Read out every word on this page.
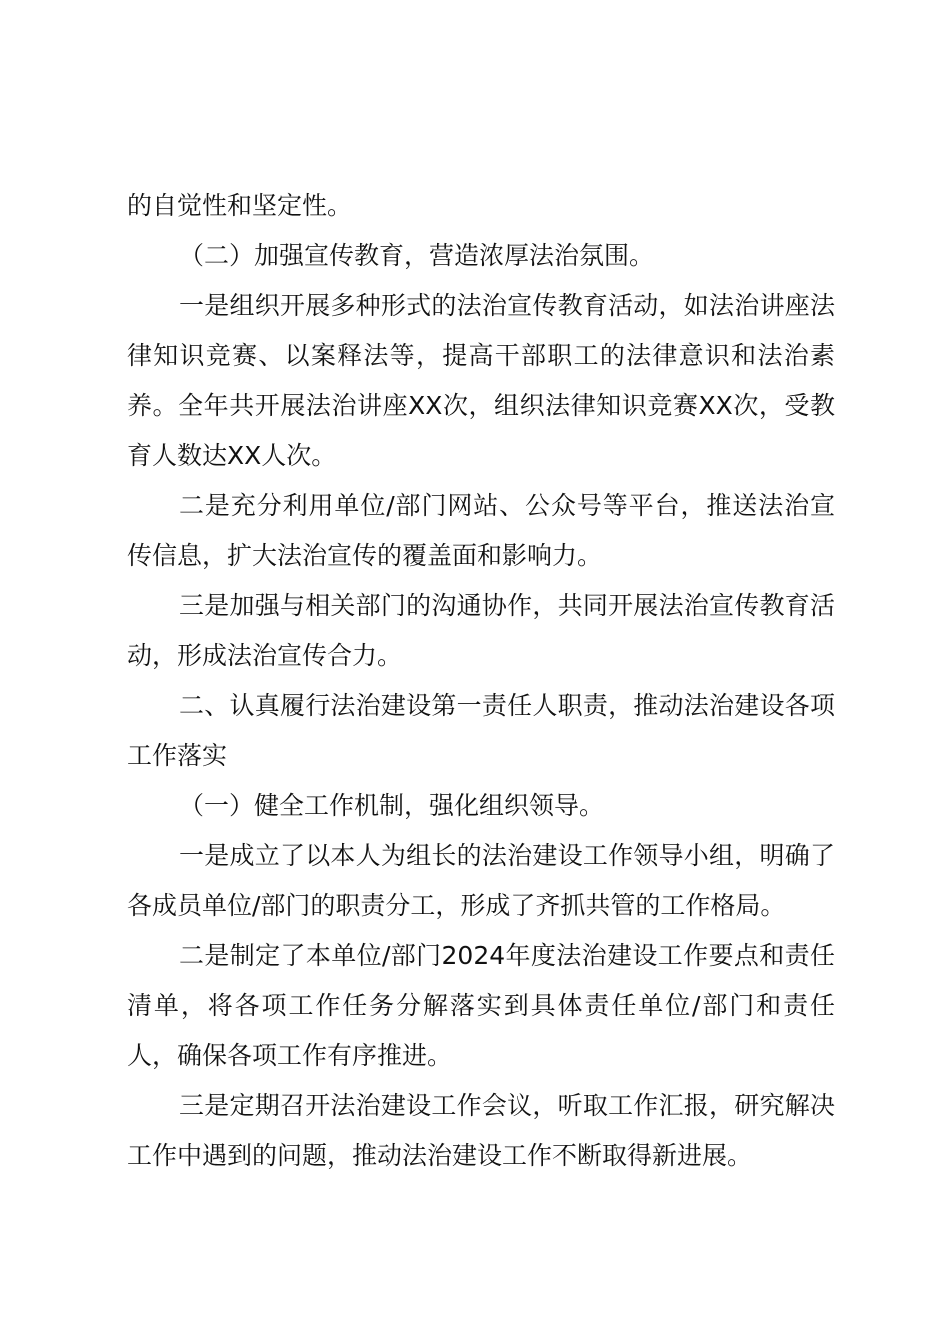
的自觉性和坚定性。

（二）加强宣传教育，营造浓厚法治氛围。

一是组织开展多种形式的法治宣传教育活动，如法治讲座法律知识竞赛、以案释法等，提高干部职工的法律意识和法治素养。全年共开展法治讲座XX次，组织法律知识竞赛XX次，受教育人数达XX人次。

二是充分利用单位/部门网站、公众号等平台，推送法治宣传信息，扩大法治宣传的覆盖面和影响力。

三是加强与相关部门的沟通协作，共同开展法治宣传教育活动，形成法治宣传合力。

二、认真履行法治建设第一责任人职责，推动法治建设各项工作落实

（一）健全工作机制，强化组织领导。

一是成立了以本人为组长的法治建设工作领导小组，明确了各成员单位/部门的职责分工，形成了齐抓共管的工作格局。

二是制定了本单位/部门2024年度法治建设工作要点和责任清单，将各项工作任务分解落实到具体责任单位/部门和责任人，确保各项工作有序推进。

三是定期召开法治建设工作会议，听取工作汇报，研究解决工作中遇到的问题，推动法治建设工作不断取得新进展。
